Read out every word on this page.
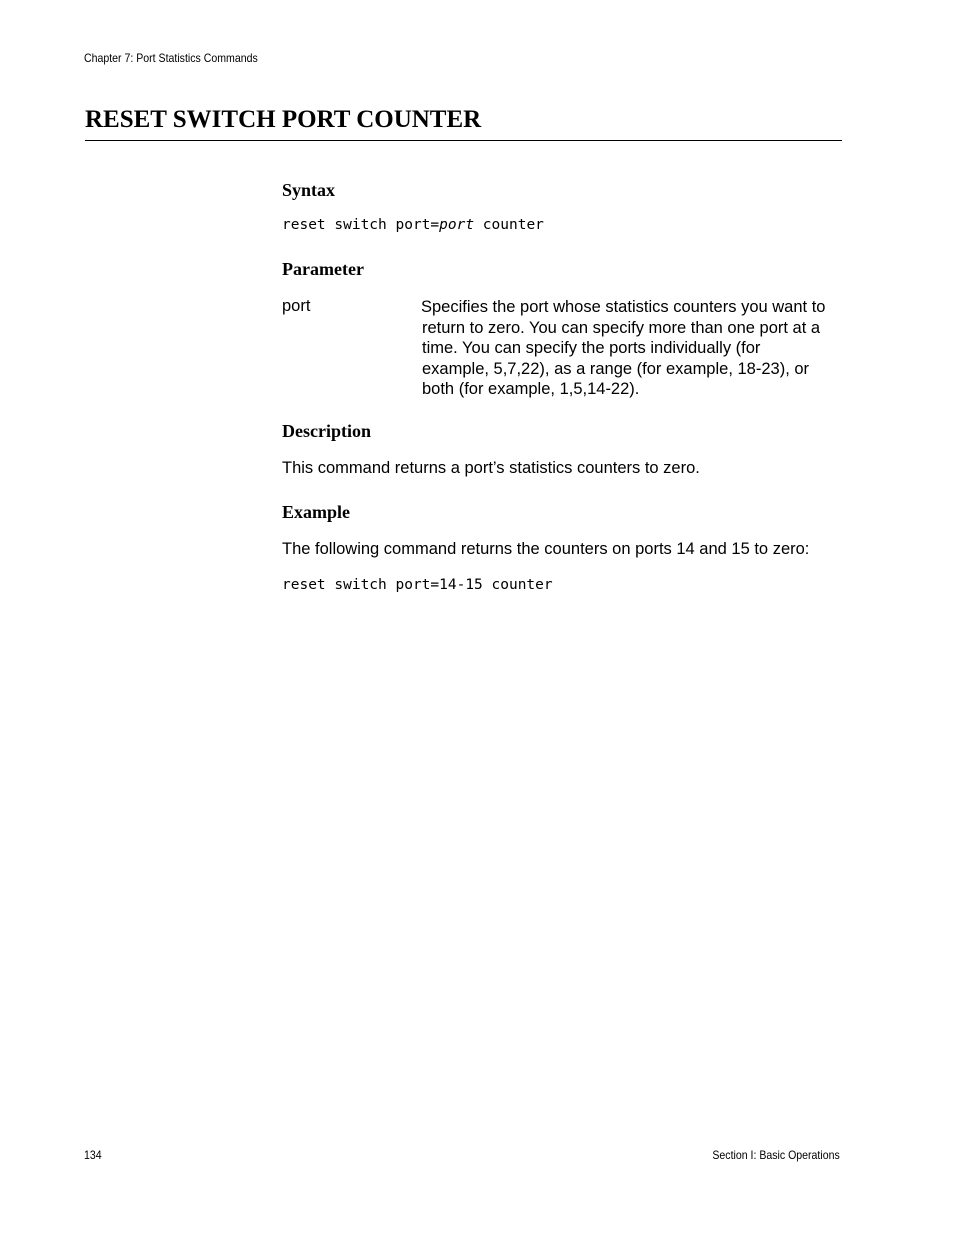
Chapter 7: Port Statistics Commands
RESET SWITCH PORT COUNTER
Syntax
reset switch port=port counter
Parameter
port	Specifies the port whose statistics counters you want to
return to zero. You can specify more than one port at a
time. You can specify the ports individually (for
example, 5,7,22), as a range (for example, 18-23), or
both (for example, 1,5,14-22).
Description
This command returns a port’s statistics counters to zero.
Example
The following command returns the counters on ports 14 and 15 to zero:
reset switch port=14-15 counter
134	Section I: Basic Operations
